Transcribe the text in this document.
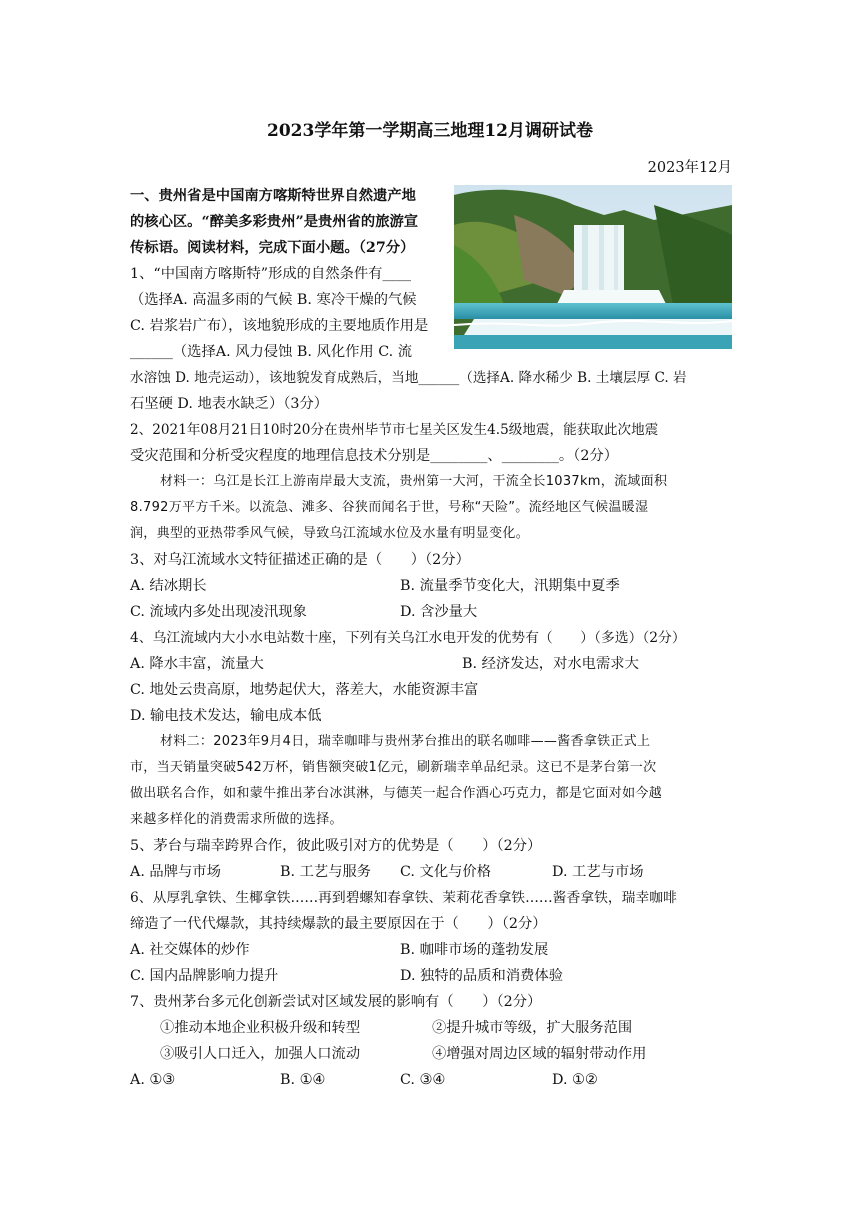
2023学年第一学期高三地理12月调研试卷
2023年12月
一、贵州省是中国南方喀斯特世界自然遗产地
的核心区。“醉美多彩贵州”是贵州省的旅游宣
传标语。阅读材料，完成下面小题。（27分）
1、“中国南方喀斯特”形成的自然条件有____
（选择A. 高温多雨的气候 B. 寒冷干燥的气候
C. 岩浆岩广布），该地貌形成的主要地质作用是
______（选择A. 风力侵蚀 B. 风化作用 C. 流
水溶蚀 D. 地壳运动），该地貌发育成熟后，当地______（选择A. 降水稀少 B. 土壤层厚 C. 岩
石坚硬 D. 地表水缺乏）（3分）
2、2021年08月21日10时20分在贵州毕节市七星关区发生4.5级地震，能获取此次地震
受灾范围和分析受灾程度的地理信息技术分别是________、________。（2分）
材料一：乌江是长江上游南岸最大支流，贵州第一大河，干流全长1037km，流域面积
8.792万平方千米。以流急、滩多、谷狭而闻名于世，号称“天险”。流经地区气候温暖湿
润，典型的亚热带季风气候，导致乌江流域水位及水量有明显变化。
3、对乌江流域水文特征描述正确的是（　　）（2分）
A. 结冰期长	B. 流量季节变化大，汛期集中夏季
C. 流域内多处出现凌汛现象	D. 含沙量大
4、乌江流域内大小水电站数十座，下列有关乌江水电开发的优势有（　　）（多选）（2分）
A. 降水丰富，流量大	B. 经济发达，对水电需求大
C. 地处云贵高原，地势起伏大，落差大，水能资源丰富
D. 输电技术发达，输电成本低
材料二：2023年9月4日，瑞幸咖啡与贵州茅台推出的联名咖啡——酱香拿铁正式上
市，当天销量突破542万杯，销售额突破1亿元，刷新瑞幸单品纪录。这已不是茅台第一次
做出联名合作，如和蒙牛推出茅台冰淇淋，与德芙一起合作酒心巧克力，都是它面对如今越
来越多样化的消费需求所做的选择。
5、茅台与瑞幸跨界合作，彼此吸引对方的优势是（　　）（2分）
A. 品牌与市场	B. 工艺与服务 C. 文化与价格	D. 工艺与市场
6、从厚乳拿铁、生椰拿铁……再到碧螺知春拿铁、茉莉花香拿铁……酱香拿铁，瑞幸咖啡
缔造了一代代爆款，其持续爆款的最主要原因在于（　　）（2分）
A. 社交媒体的炒作	B. 咖啡市场的蓬勃发展
C. 国内品牌影响力提升	D. 独特的品质和消费体验
7、贵州茅台多元化创新尝试对区域发展的影响有（　　）（2分）
①推动本地企业积极升级和转型	②提升城市等级，扩大服务范围
③吸引人口迁入，加强人口流动	④增强对周边区域的辐射带动作用
A. ①③	B. ①④	C. ③④	D. ①②
